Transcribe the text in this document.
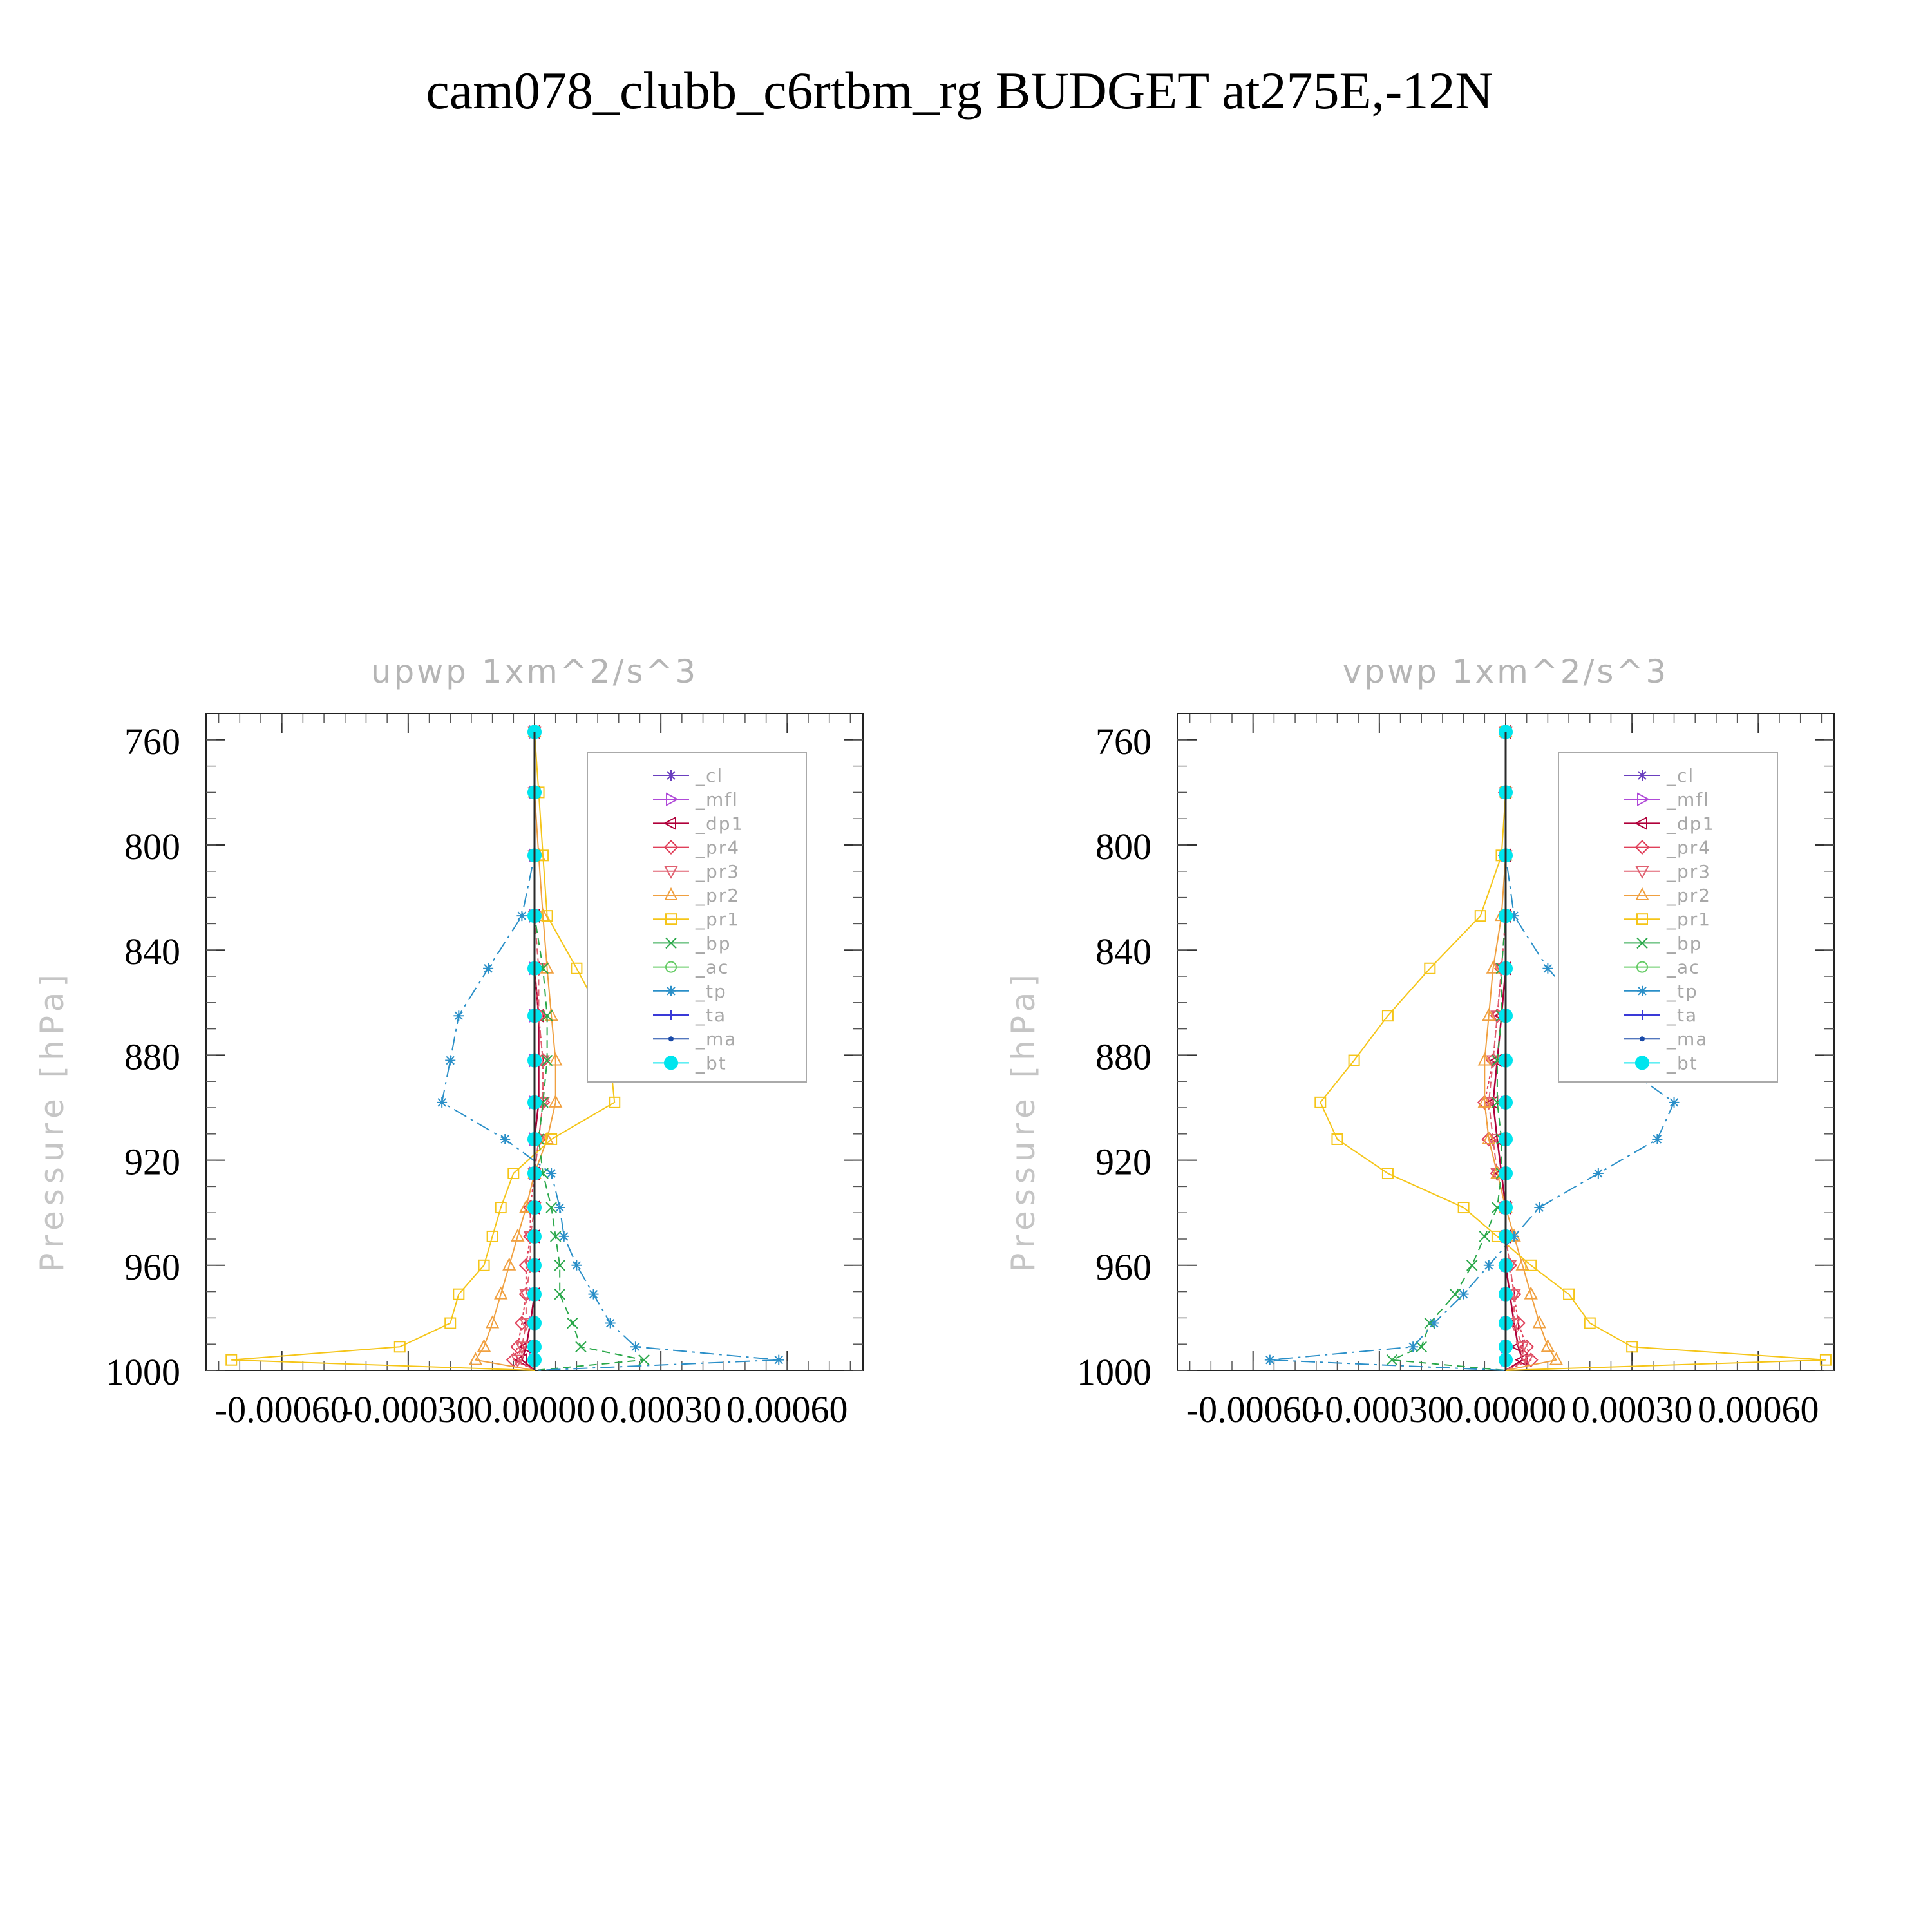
cam078_clubb_c6rtbm_rg BUDGET at275E,-12N
upwp 1xm^2/s^3
Pressure [hPa]
760
800
840
880
920
960
1000
-0.00060
-0.00030
0.00000 0.00030 0.00060
_cl
_mfl
_dp1
_pr4
_pr3
_pr2
_pr1
_bp
_ac
_tp
_ta
_ma
_bt
vpwp 1xm^2/s^3
Pressure [hPa]
760
800
840
880
920
960
1000
-0.00060
-0.00030
0.00000 0.00030 0.00060
_cl
_mfl
_dp1
_pr4
_pr3
_pr2
_pr1
_bp
_ac
_tp
_ta
_ma
_bt
